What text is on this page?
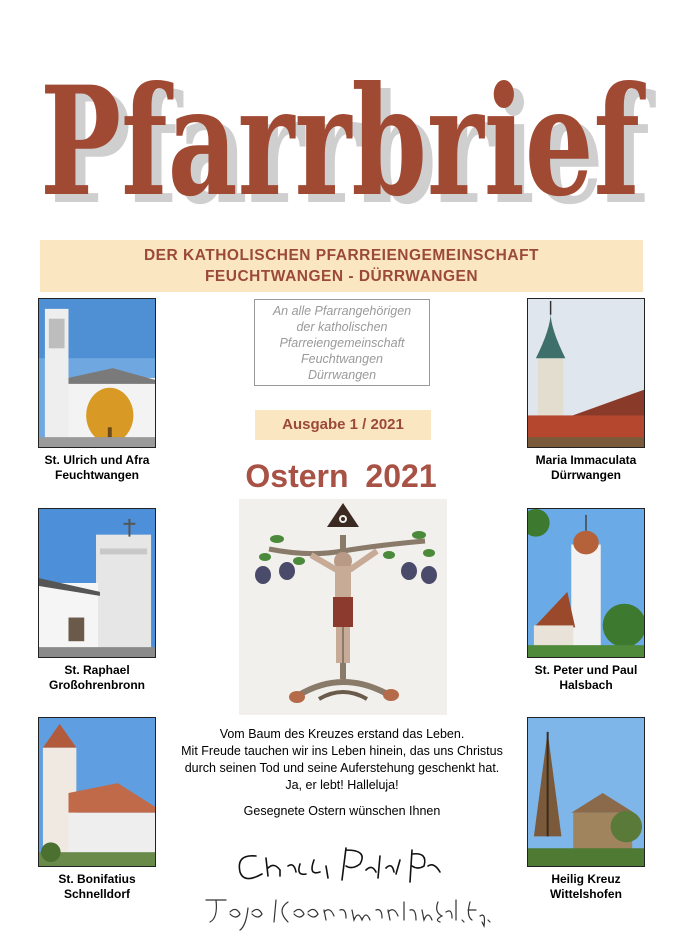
Pfarrbrief
Pfarrbrief
DER KATHOLISCHEN PFARREIENGEMEINSCHAFT
FEUCHTWANGEN - DÜRRWANGEN
St. Ulrich und Afra
Feuchtwangen
St. Raphael
Großohrenbronn
St. Bonifatius
Schnelldorf
Maria Immaculata
Dürrwangen
St. Peter und Paul
Halsbach
Heilig Kreuz
Wittelshofen
An alle Pfarrangehörigen
der katholischen
Pfarreiengemeinschaft
Feuchtwangen
Dürrwangen
Ausgabe 1 / 2021
Ostern 2021
Vom Baum des Kreuzes erstand das Leben.
Mit Freude tauchen wir ins Leben hinein, das uns Christus
durch seinen Tod und seine Auferstehung geschenkt hat.
Ja, er lebt! Halleluja!
Gesegnete Ostern wünschen Ihnen
